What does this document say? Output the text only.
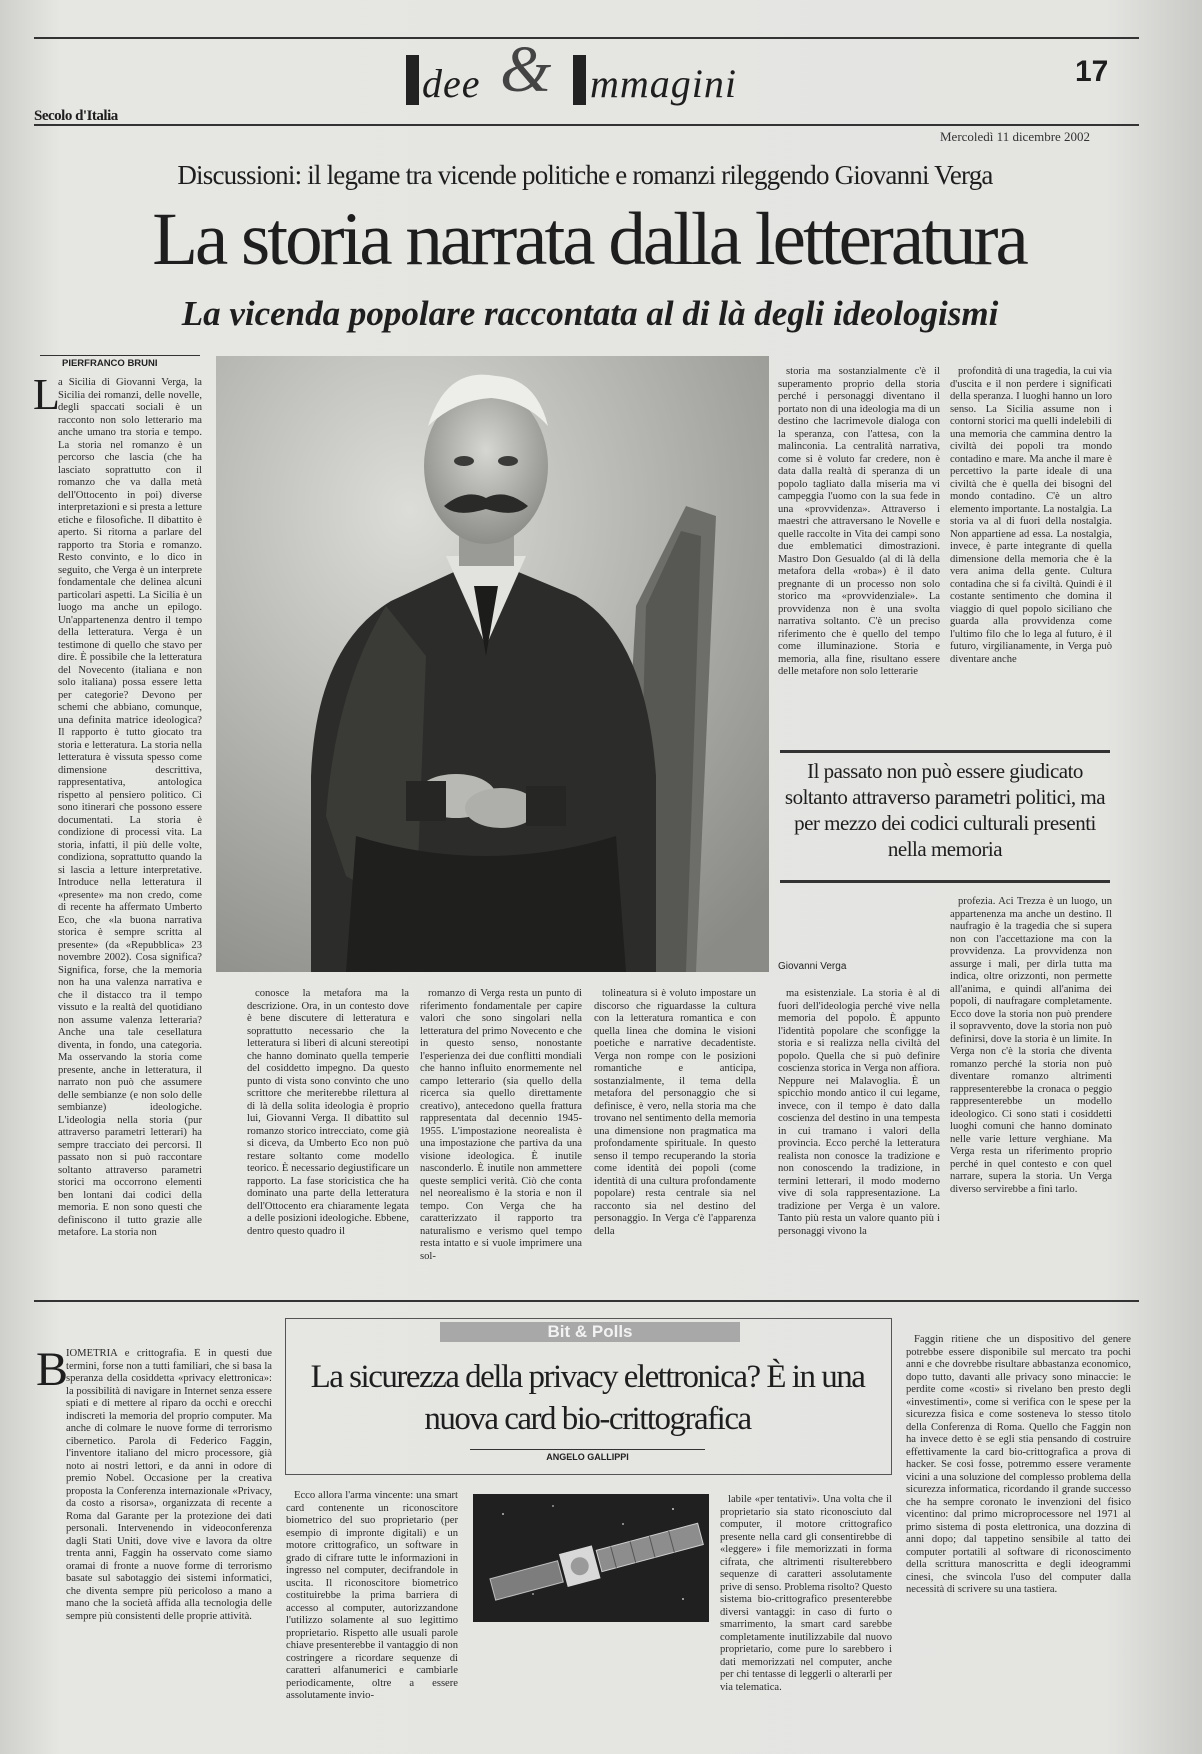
dee & mmagini	17
Secolo d'Italia
Mercoledì 11 dicembre 2002
Discussioni: il legame tra vicende politiche e romanzi rileggendo Giovanni Verga
La storia narrata dalla letteratura
La vicenda popolare raccontata al di là degli ideologismi
PIERFRANCO BRUNI
L

a Sicilia di Giovanni Verga, la Sicilia dei romanzi, delle novelle, degli spaccati sociali è un racconto non solo letterario ma anche umano tra storia e tempo. La storia nel romanzo è un percorso che lascia (che ha lasciato soprattutto con il romanzo che va dalla metà dell'Ottocento in poi) diverse interpretazioni e si presta a letture etiche e filosofiche. Il dibattito è aperto. Si ritorna a parlare del rapporto tra Storia e romanzo. Resto convinto, e lo dico in seguito, che Verga è un interprete fondamentale che delinea alcuni particolari aspetti. La Sicilia è un luogo ma anche un epilogo. Un'appartenenza dentro il tempo della letteratura. Verga è un testimone di quello che stavo per dire. È possibile che la letteratura del Novecento (italiana e non solo italiana) possa essere letta per categorie? Devono per schemi che abbiano, comunque, una definita matrice ideologica? Il rapporto è tutto giocato tra storia e letteratura. La storia nella letteratura è vissuta spesso come dimensione descrittiva, rappresentativa, antologica rispetto al pensiero politico. Ci sono itinerari che possono essere documentati. La storia è condizione di processi vita. La storia, infatti, il più delle volte, condiziona, soprattutto quando la si lascia a letture interpretative. Introduce nella letteratura il «presente» ma non credo, come di recente ha affermato Umberto Eco, che «la buona narrativa storica è sempre scritta al presente» (da «Repubblica» 23 novembre 2002). Cosa significa? Significa, forse, che la memoria non ha una valenza narrativa e che il distacco tra il tempo vissuto e la realtà del quotidiano non assume valenza letteraria? Anche una tale cesellatura diventa, in fondo, una categoria. Ma osservando la storia come presente, anche in letteratura, il narrato non può che assumere delle sembianze (e non solo delle sembianze) ideologiche. L'ideologia nella storia (pur attraverso parametri letterari) ha sempre tracciato dei percorsi. Il passato non si può raccontare soltanto attraverso parametri storici ma occorrono elementi ben lontani dai codici della memoria. E non sono questi che definiscono il tutto grazie alle metafore. La storia non

Giovanni Verga

storia ma sostanzialmente c'è il superamento proprio della storia perché i personaggi diventano il portato non di una ideologia ma di un destino che lacrimevole dialoga con la speranza, con l'attesa, con la malinconia. La centralità narrativa, come si è voluto far credere, non è data dalla realtà di speranza di un popolo tagliato dalla miseria ma vi campeggia l'uomo con la sua fede in una «provvidenza». Attraverso i maestri che attraversano le Novelle e quelle raccolte in Vita dei campi sono due emblematici dimostrazioni. Mastro Don Gesualdo (al di là della metafora della «roba») è il dato pregnante di un processo non solo storico ma «provvidenziale». La provvidenza non è una svolta narrativa soltanto. C'è un preciso riferimento che è quello del tempo come illuminazione. Storia e memoria, alla fine, risultano essere delle metafore non solo letterarie

profondità di una tragedia, la cui via d'uscita e il non perdere i significati della speranza. I luoghi hanno un loro senso. La Sicilia assume non i contorni storici ma quelli indelebili di una memoria che cammina dentro la civiltà dei popoli tra mondo contadino e mare. Ma anche il mare è percettivo la parte ideale di una civiltà che è quella dei bisogni del mondo contadino. C'è un altro elemento importante. La nostalgia. La storia va al di fuori della nostalgia. Non appartiene ad essa. La nostalgia, invece, è parte integrante di quella dimensione della memoria che è la vera anima della gente. Cultura contadina che si fa civiltà. Quindi è il costante sentimento che domina il viaggio di quel popolo siciliano che guarda alla provvidenza come l'ultimo filo che lo lega al futuro, è il futuro, virgilianamente, in Verga può diventare anche

Il passato non può essere giudicato soltanto attraverso parametri politici, ma per mezzo dei codici culturali presenti nella memoria

conosce la metafora ma la descrizione. Ora, in un contesto dove è bene discutere di letteratura e soprattutto necessario che la letteratura si liberi di alcuni stereotipi che hanno dominato quella temperie del cosiddetto impegno. Da questo punto di vista sono convinto che uno scrittore che meriterebbe rilettura al di là della solita ideologia è proprio lui, Giovanni Verga. Il dibattito sul romanzo storico intrecciato, come già si diceva, da Umberto Eco non può restare soltanto come modello teorico. È necessario degiustificare un rapporto. La fase storicistica che ha dominato una parte della letteratura dell'Ottocento era chiaramente legata a delle posizioni ideologiche. Ebbene, dentro questo quadro il

romanzo di Verga resta un punto di riferimento fondamentale per capire valori che sono singolari nella letteratura del primo Novecento e che in questo senso, nonostante l'esperienza dei due conflitti mondiali che hanno influito enormemente nel campo letterario (sia quello della ricerca sia quello direttamente creativo), antecedono quella frattura rappresentata dal decennio 1945-1955. L'impostazione neorealista è una impostazione che partiva da una visione ideologica. È inutile nasconderlo. È inutile non ammettere queste semplici verità. Ciò che conta nel neorealismo è la storia e non il tempo. Con Verga che ha caratterizzato il rapporto tra naturalismo e verismo quel tempo resta intatto e si vuole imprimere una sol-

tolineatura si è voluto impostare un discorso che riguardasse la cultura con la letteratura romantica e con quella linea che domina le visioni poetiche e narrative decadentiste. Verga non rompe con le posizioni romantiche e anticipa, sostanzialmente, il tema della metafora del personaggio che si definisce, è vero, nella storia ma che trovano nel sentimento della memoria una dimensione non pragmatica ma profondamente spirituale. In questo senso il tempo recuperando la storia come identità dei popoli (come identità di una cultura profondamente popolare) resta centrale sia nel racconto sia nel destino del personaggio. In Verga c'è l'apparenza della

ma esistenziale. La storia è al di fuori dell'ideologia perché vive nella memoria del popolo. È appunto l'identità popolare che sconfigge la storia e si realizza nella civiltà del popolo. Quella che si può definire coscienza storica in Verga non affiora. Neppure nei Malavoglia. È un spicchio mondo antico il cui legame, invece, con il tempo è dato dalla coscienza del destino in una tempesta in cui tramano i valori della provincia. Ecco perché la letteratura realista non conosce la tradizione e non conoscendo la tradizione, in termini letterari, il modo moderno vive di sola rappresentazione. La tradizione per Verga è un valore. Tanto più resta un valore quanto più i personaggi vivono la

profezia. Aci Trezza è un luogo, un appartenenza ma anche un destino. Il naufragio è la tragedia che si supera non con l'accettazione ma con la provvidenza. La provvidenza non assurge i mali, per dirla tutta ma indica, oltre orizzonti, non permette all'anima, e quindi all'anima dei popoli, di naufragare completamente. Ecco dove la storia non può prendere il sopravvento, dove la storia non può definirsi, dove la storia è un limite. In Verga non c'è la storia che diventa romanzo perché la storia non può diventare romanzo altrimenti rappresenterebbe la cronaca o peggio rappresenterebbe un modello ideologico. Ci sono stati i cosiddetti luoghi comuni che hanno dominato nelle varie letture verghiane. Ma Verga resta un riferimento proprio perché in quel contesto e con quel narrare, supera la storia. Un Verga diverso servirebbe a finì tarlo.

Bit & Polls
La sicurezza della privacy elettronica? È in una nuova card bio-crittografica
ANGELO GALLIPPI
B

IOMETRIA e crittografia. È in questi due termini, forse non a tutti familiari, che si basa la speranza della cosiddetta «privacy elettronica»: la possibilità di navigare in Internet senza essere spiati e di mettere al riparo da occhi e orecchi indiscreti la memoria del proprio computer. Ma anche di colmare le nuove forme di terrorismo cibernetico. Parola di Federico Faggin, l'inventore italiano del micro processore, già noto ai nostri lettori, e da anni in odore di premio Nobel. Occasione per la creativa proposta la Conferenza internazionale «Privacy, da costo a risorsa», organizzata di recente a Roma dal Garante per la protezione dei dati personali. Intervenendo in videoconferenza dagli Stati Uniti, dove vive e lavora da oltre trenta anni, Faggin ha osservato come siamo oramai di fronte a nuove forme di terrorismo basate sul sabotaggio dei sistemi informatici, che diventa sempre più pericoloso a mano a mano che la società affida alla tecnologia delle sempre più consistenti delle proprie attività.

Ecco allora l'arma vincente: una smart card contenente un riconoscitore biometrico del suo proprietario (per esempio di impronte digitali) e un motore crittografico, un software in grado di cifrare tutte le informazioni in ingresso nel computer, decifrandole in uscita. Il riconoscitore biometrico costituirebbe la prima barriera di accesso al computer, autorizzandone l'utilizzo solamente al suo legittimo proprietario. Rispetto alle usuali parole chiave presenterebbe il vantaggio di non costringere a ricordare sequenze di caratteri alfanumerici e cambiarle periodicamente, oltre a essere assolutamente invio-

labile «per tentativi». Una volta che il proprietario sia stato riconosciuto dal computer, il motore crittografico presente nella card gli consentirebbe di «leggere» i file memorizzati in forma cifrata, che altrimenti risulterebbero sequenze di caratteri assolutamente prive di senso. Problema risolto? Questo sistema bio-crittografico presenterebbe diversi vantaggi: in caso di furto o smarrimento, la smart card sarebbe completamente inutilizzabile dal nuovo proprietario, come pure lo sarebbero i dati memorizzati nel computer, anche per chi tentasse di leggerli o alterarli per via telematica.

Faggin ritiene che un dispositivo del genere potrebbe essere disponibile sul mercato tra pochi anni e che dovrebbe risultare abbastanza economico, dopo tutto, davanti alle privacy sono minaccie: le perdite come «costi» si rivelano ben presto degli «investimenti», come si verifica con le spese per la sicurezza fisica e come sosteneva lo stesso titolo della Conferenza di Roma. Quello che Faggin non ha invece detto è se egli stia pensando di costruire effettivamente la card bio-crittografica a prova di hacker. Se così fosse, potremmo essere veramente vicini a una soluzione del complesso problema della sicurezza informatica, ricordando il grande successo che ha sempre coronato le invenzioni del fisico vicentino: dal primo microprocessore nel 1971 al primo sistema di posta elettronica, una dozzina di anni dopo; dal tappetino sensibile al tatto dei computer portatili al software di riconoscimento della scrittura manoscritta e degli ideogrammi cinesi, che svincola l'uso del computer dalla necessità di scrivere su una tastiera.
